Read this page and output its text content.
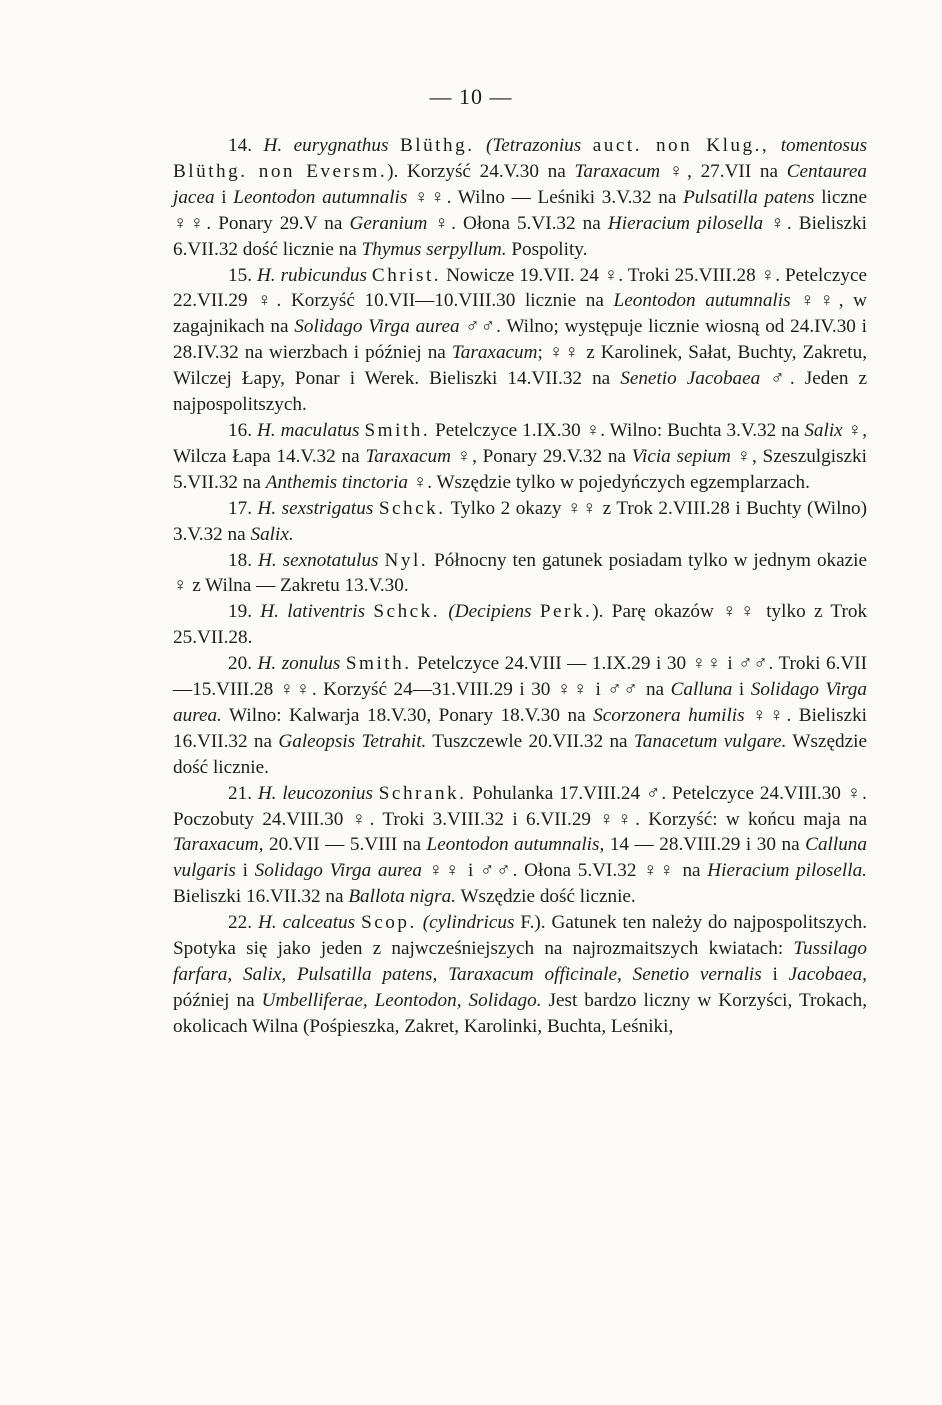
— 10 —

14. H. eurygnathus Blüthg. (Tetrazonius auct. non Klug., tomentosus Blüthg. non Eversm.). Korzyść 24.V.30 na Taraxacum ♀, 27.VII na Centaurea jacea i Leontodon autumnalis ♀♀. Wilno — Leśniki 3.V.32 na Pulsatilla patens liczne ♀♀. Ponary 29.V na Geranium ♀. Ołona 5.VI.32 na Hieracium pilosella ♀. Bieliszki 6.VII.32 dość licznie na Thymus serpyllum. Pospolity.

15. H. rubicundus Christ. Nowicze 19.VII. 24 ♀. Troki 25.VIII.28 ♀. Petelczyce 22.VII.29 ♀. Korzyść 10.VII—10.VIII.30 licznie na Leontodon autumnalis ♀♀, w zagajnikach na Solidago Virga aurea ♂♂. Wilno; występuje licznie wiosną od 24.IV.30 i 28.IV.32 na wierzbach i później na Taraxacum; ♀♀ z Karolinek, Sałat, Buchty, Zakretu, Wilczej Łapy, Ponar i Werek. Bieliszki 14.VII.32 na Senetio Jacobaea ♂. Jeden z najpospolitszych.

16. H. maculatus Smith. Petelczyce 1.IX.30 ♀. Wilno: Buchta 3.V.32 na Salix ♀, Wilcza Łapa 14.V.32 na Taraxacum ♀, Ponary 29.V.32 na Vicia sepium ♀, Szeszulgiszki 5.VII.32 na Anthemis tinctoria ♀. Wszędzie tylko w pojedyńczych egzemplarzach.

17. H. sexstrigatus Schck. Tylko 2 okazy ♀♀ z Trok 2.VIII.28 i Buchty (Wilno) 3.V.32 na Salix.

18. H. sexnotatulus Nyl. Północny ten gatunek posiadam tylko w jednym okazie ♀ z Wilna — Zakretu 13.V.30.

19. H. lativentris Schck. (Decipiens Perk.). Parę okazów ♀♀ tylko z Trok 25.VII.28.

20. H. zonulus Smith. Petelczyce 24.VIII — 1.IX.29 i 30 ♀♀ i ♂♂. Troki 6.VII—15.VIII.28 ♀♀. Korzyść 24—31.VIII.29 i 30 ♀♀ i ♂♂ na Calluna i Solidago Virga aurea. Wilno: Kalwarja 18.V.30, Ponary 18.V.30 na Scorzonera humilis ♀♀. Bieliszki 16.VII.32 na Galeopsis Tetrahit. Tuszczewle 20.VII.32 na Tanacetum vulgare. Wszędzie dość licznie.

21. H. leucozonius Schrank. Pohulanka 17.VIII.24 ♂. Petelczyce 24.VIII.30 ♀. Poczobuty 24.VIII.30 ♀. Troki 3.VIII.32 i 6.VII.29 ♀♀. Korzyść: w końcu maja na Taraxacum, 20.VII — 5.VIII na Leontodon autumnalis, 14 — 28.VIII.29 i 30 na Calluna vulgaris i Solidago Virga aurea ♀♀ i ♂♂. Ołona 5.VI.32 ♀♀ na Hieracium pilosella. Bieliszki 16.VII.32 na Ballota nigra. Wszędzie dość licznie.

22. H. calceatus Scop. (cylindricus F.). Gatunek ten należy do najpospolitszych. Spotyka się jako jeden z najwcześniejszych na najrozmaitszych kwiatach: Tussilago farfara, Salix, Pulsatilla patens, Taraxacum officinale, Senetio vernalis i Jacobaea, później na Umbelliferae, Leontodon, Solidago. Jest bardzo liczny w Korzyści, Trokach, okolicach Wilna (Pośpieszka, Zakret, Karolinki, Buchta, Leśniki,
